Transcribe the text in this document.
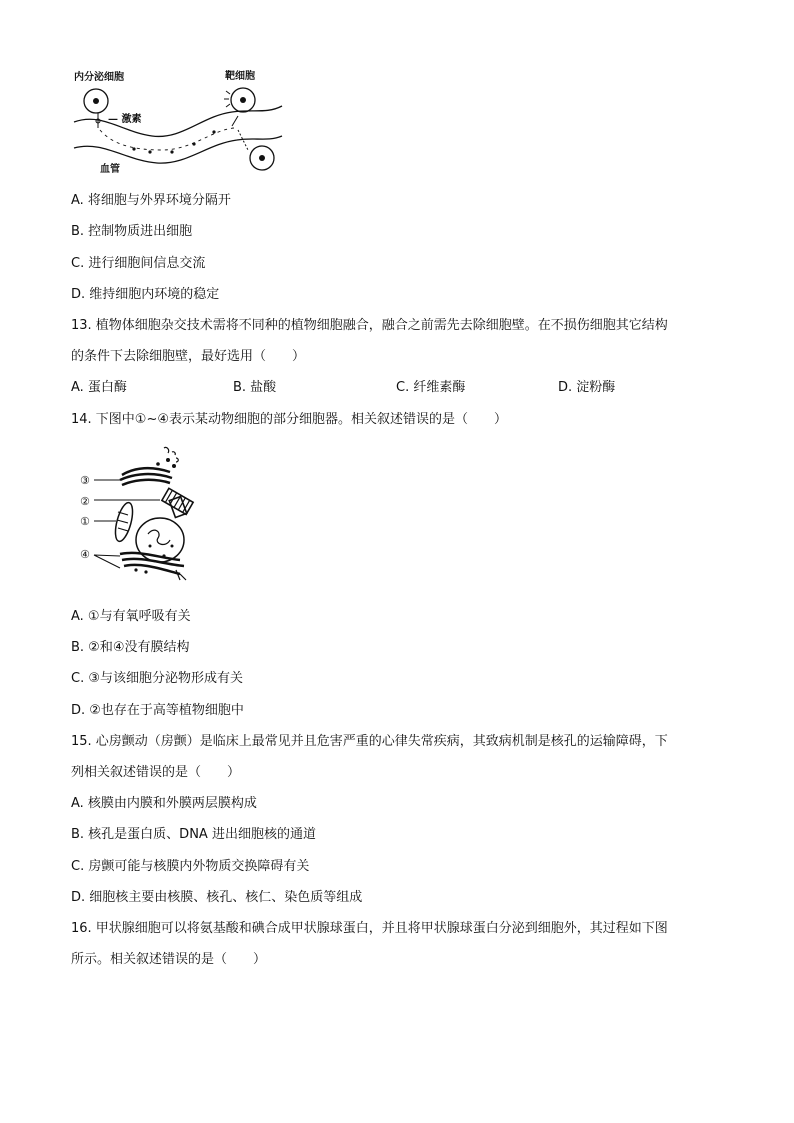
内分泌细胞	靶细胞
— 激素
血管
A. 将细胞与外界环境分隔开
B. 控制物质进出细胞
C. 进行细胞间信息交流
D. 维持细胞内环境的稳定
13. 植物体细胞杂交技术需将不同种的植物细胞融合，融合之前需先去除细胞壁。在不损伤细胞其它结构
的条件下去除细胞壁，最好选用（　　）
A. 蛋白酶	B. 盐酸	C. 纤维素酶	D. 淀粉酶
14. 下图中①~④表示某动物细胞的部分细胞器。相关叙述错误的是（　　）
③
②
①
④
A. ①与有氧呼吸有关
B. ②和④没有膜结构
C. ③与该细胞分泌物形成有关
D. ②也存在于高等植物细胞中
15. 心房颤动（房颤）是临床上最常见并且危害严重的心律失常疾病，其致病机制是核孔的运输障碍，下
列相关叙述错误的是（　　）
A. 核膜由内膜和外膜两层膜构成
B. 核孔是蛋白质、DNA 进出细胞核的通道
C. 房颤可能与核膜内外物质交换障碍有关
D. 细胞核主要由核膜、核孔、核仁、染色质等组成
16. 甲状腺细胞可以将氨基酸和碘合成甲状腺球蛋白，并且将甲状腺球蛋白分泌到细胞外，其过程如下图
所示。相关叙述错误的是（　　）
